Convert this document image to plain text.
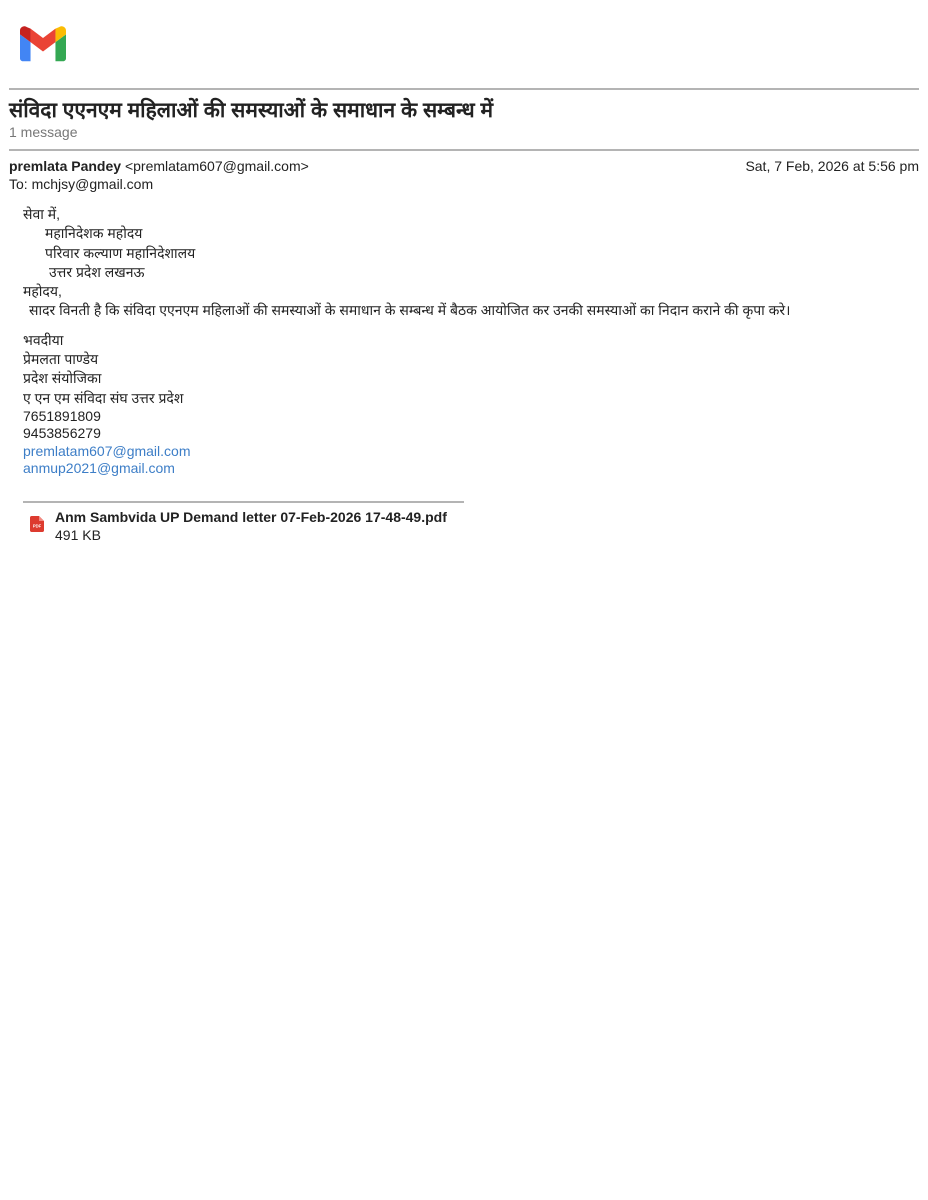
संविदा एएनएम महिलाओं की समस्याओं के समाधान के सम्बन्ध में
1 message
premlata Pandey <premlatam607@gmail.com>	Sat, 7 Feb, 2026 at 5:56 pm
To: mchjsy@gmail.com
सेवा में,
महानिदेशक महोदय
परिवार कल्याण महानिदेशालय
उत्तर प्रदेश लखनऊ
महोदय,
सादर विनती है कि संविदा एएनएम महिलाओं की समस्याओं के समाधान के सम्बन्ध में बैठक आयोजित कर उनकी समस्याओं का निदान कराने की कृपा करे।
भवदीया
प्रेमलता पाण्डेय
प्रदेश संयोजिका
ए एन एम संविदा संघ उत्तर प्रदेश
7651891809
9453856279
premlatam607@gmail.com
anmup2021@gmail.com
PDF
Anm Sambvida UP Demand letter 07-Feb-2026 17-48-49.pdf
491 KB
